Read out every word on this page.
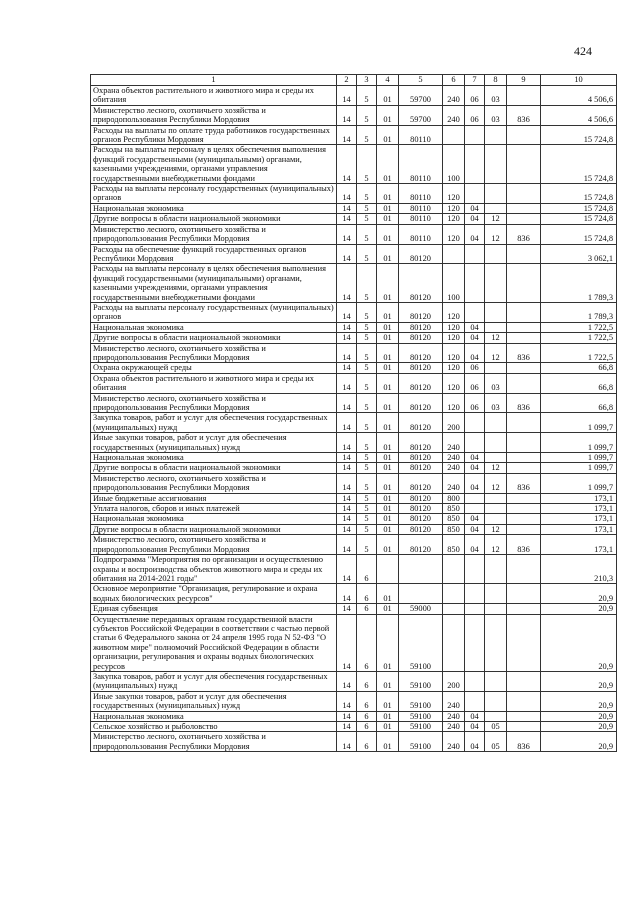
424
1	2	3	4	5	6	7	8	9	10
Охрана объектов растительного и животного мира и среды их обитания	14	5	01	59700	240	06	03		4 506,6
Министерство лесного, охотничьего хозяйства и природопользования Республики Мордовия	14	5	01	59700	240	06	03	836	4 506,6
Расходы на выплаты по оплате труда работников государственных органов Республики Мордовия	14	5	01	80110					15 724,8
Расходы на выплаты персоналу в целях обеспечения выполнения функций государственными (муниципальными) органами, казенными учреждениями, органами управления государственными внебюджетными фондами	14	5	01	80110	100				15 724,8
Расходы на выплаты персоналу государственных (муниципальных) органов	14	5	01	80110	120				15 724,8
Национальная экономика	14	5	01	80110	120	04			15 724,8
Другие вопросы в области национальной экономики	14	5	01	80110	120	04	12		15 724,8
Министерство лесного, охотничьего хозяйства и природопользования Республики Мордовия	14	5	01	80110	120	04	12	836	15 724,8
Расходы на обеспечение функций государственных органов Республики Мордовия	14	5	01	80120					3 062,1
Расходы на выплаты персоналу в целях обеспечения выполнения функций государственными (муниципальными) органами, казенными учреждениями, органами управления государственными внебюджетными фондами	14	5	01	80120	100				1 789,3
Расходы на выплаты персоналу государственных (муниципальных) органов	14	5	01	80120	120				1 789,3
Национальная экономика	14	5	01	80120	120	04			1 722,5
Другие вопросы в области национальной экономики	14	5	01	80120	120	04	12		1 722,5
Министерство лесного, охотничьего хозяйства и природопользования Республики Мордовия	14	5	01	80120	120	04	12	836	1 722,5
Охрана окружающей среды	14	5	01	80120	120	06			66,8
Охрана объектов растительного и животного мира и среды их обитания	14	5	01	80120	120	06	03		66,8
Министерство лесного, охотничьего хозяйства и природопользования Республики Мордовия	14	5	01	80120	120	06	03	836	66,8
Закупка товаров, работ и услуг для обеспечения государственных (муниципальных) нужд	14	5	01	80120	200				1 099,7
Иные закупки товаров, работ и услуг для обеспечения государственных (муниципальных) нужд	14	5	01	80120	240				1 099,7
Национальная экономика	14	5	01	80120	240	04			1 099,7
Другие вопросы в области национальной экономики	14	5	01	80120	240	04	12		1 099,7
Министерство лесного, охотничьего хозяйства и природопользования Республики Мордовия	14	5	01	80120	240	04	12	836	1 099,7
Иные бюджетные ассигнования	14	5	01	80120	800				173,1
Уплата налогов, сборов и иных платежей	14	5	01	80120	850				173,1
Национальная экономика	14	5	01	80120	850	04			173,1
Другие вопросы в области национальной экономики	14	5	01	80120	850	04	12		173,1
Министерство лесного, охотничьего хозяйства и природопользования Республики Мордовия	14	5	01	80120	850	04	12	836	173,1
Подпрограмма "Мероприятия по организации и осуществлению охраны и воспроизводства объектов животного мира и среды их обитания на 2014-2021 годы"	14	6							210,3
Основное мероприятие "Организация, регулирование и охрана водных биологических ресурсов"	14	6	01						20,9
Единая субвенция	14	6	01	59000					20,9
Осуществление переданных органам государственной власти субъектов Российской Федерации в соответствии с частью первой статьи 6 Федерального закона от 24 апреля 1995 года N 52-ФЗ "О животном мире" полномочий Российской Федерации в области организации, регулирования и охраны водных биологических ресурсов	14	6	01	59100					20,9
Закупка товаров, работ и услуг для обеспечения государственных (муниципальных) нужд	14	6	01	59100	200				20,9
Иные закупки товаров, работ и услуг для обеспечения государственных (муниципальных) нужд	14	6	01	59100	240				20,9
Национальная экономика	14	6	01	59100	240	04			20,9
Сельское хозяйство и рыболовство	14	6	01	59100	240	04	05		20,9
Министерство лесного, охотничьего хозяйства и природопользования Республики Мордовия	14	6	01	59100	240	04	05	836	20,9
